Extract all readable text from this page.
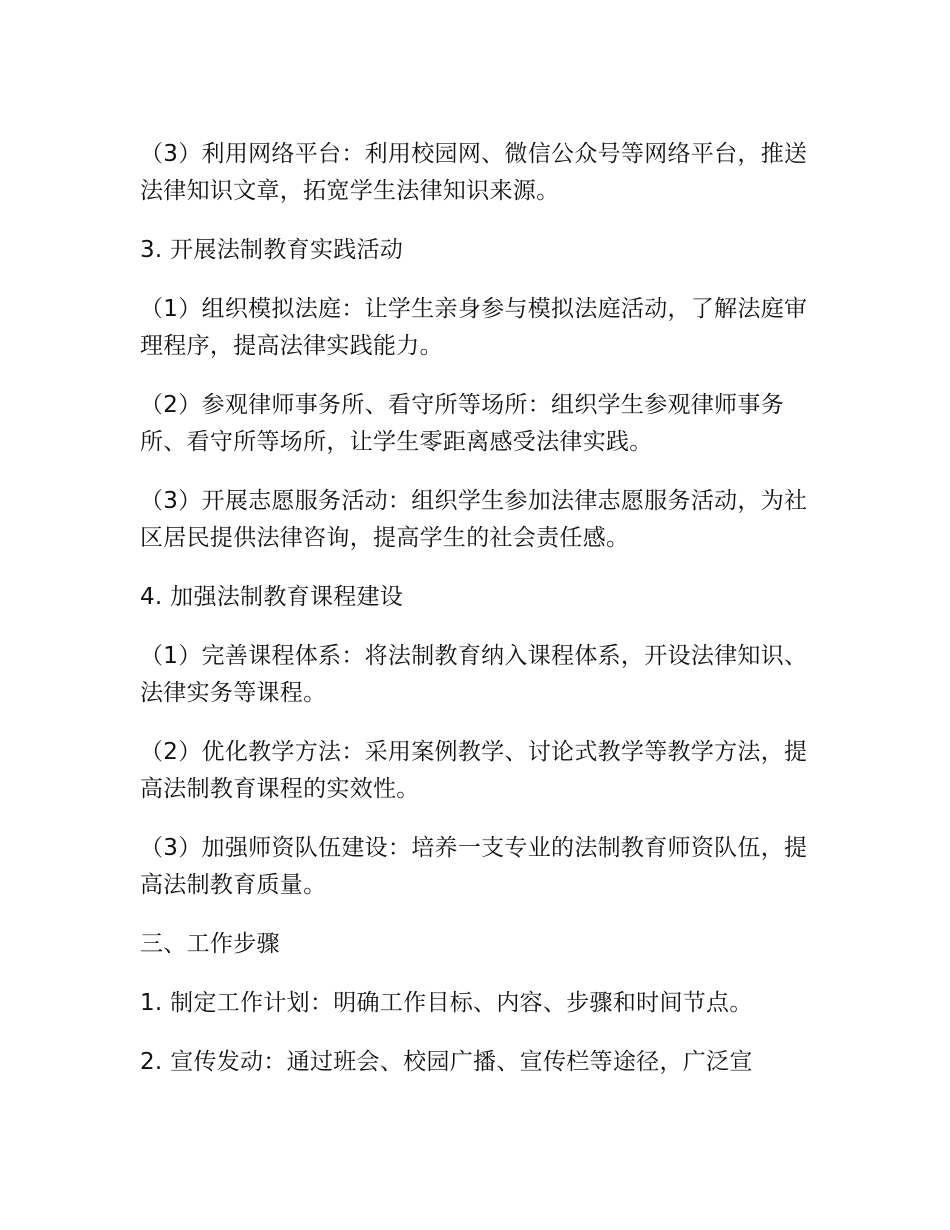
（3）利用网络平台：利用校园网、微信公众号等网络平台，推送法律知识文章，拓宽学生法律知识来源。

3. 开展法制教育实践活动

（1）组织模拟法庭：让学生亲身参与模拟法庭活动，了解法庭审理程序，提高法律实践能力。

（2）参观律师事务所、看守所等场所：组织学生参观律师事务所、看守所等场所，让学生零距离感受法律实践。

（3）开展志愿服务活动：组织学生参加法律志愿服务活动，为社区居民提供法律咨询，提高学生的社会责任感。

4. 加强法制教育课程建设

（1）完善课程体系：将法制教育纳入课程体系，开设法律知识、法律实务等课程。

（2）优化教学方法：采用案例教学、讨论式教学等教学方法，提高法制教育课程的实效性。

（3）加强师资队伍建设：培养一支专业的法制教育师资队伍，提高法制教育质量。

三、工作步骤

1. 制定工作计划：明确工作目标、内容、步骤和时间节点。

2. 宣传发动：通过班会、校园广播、宣传栏等途径，广泛宣
